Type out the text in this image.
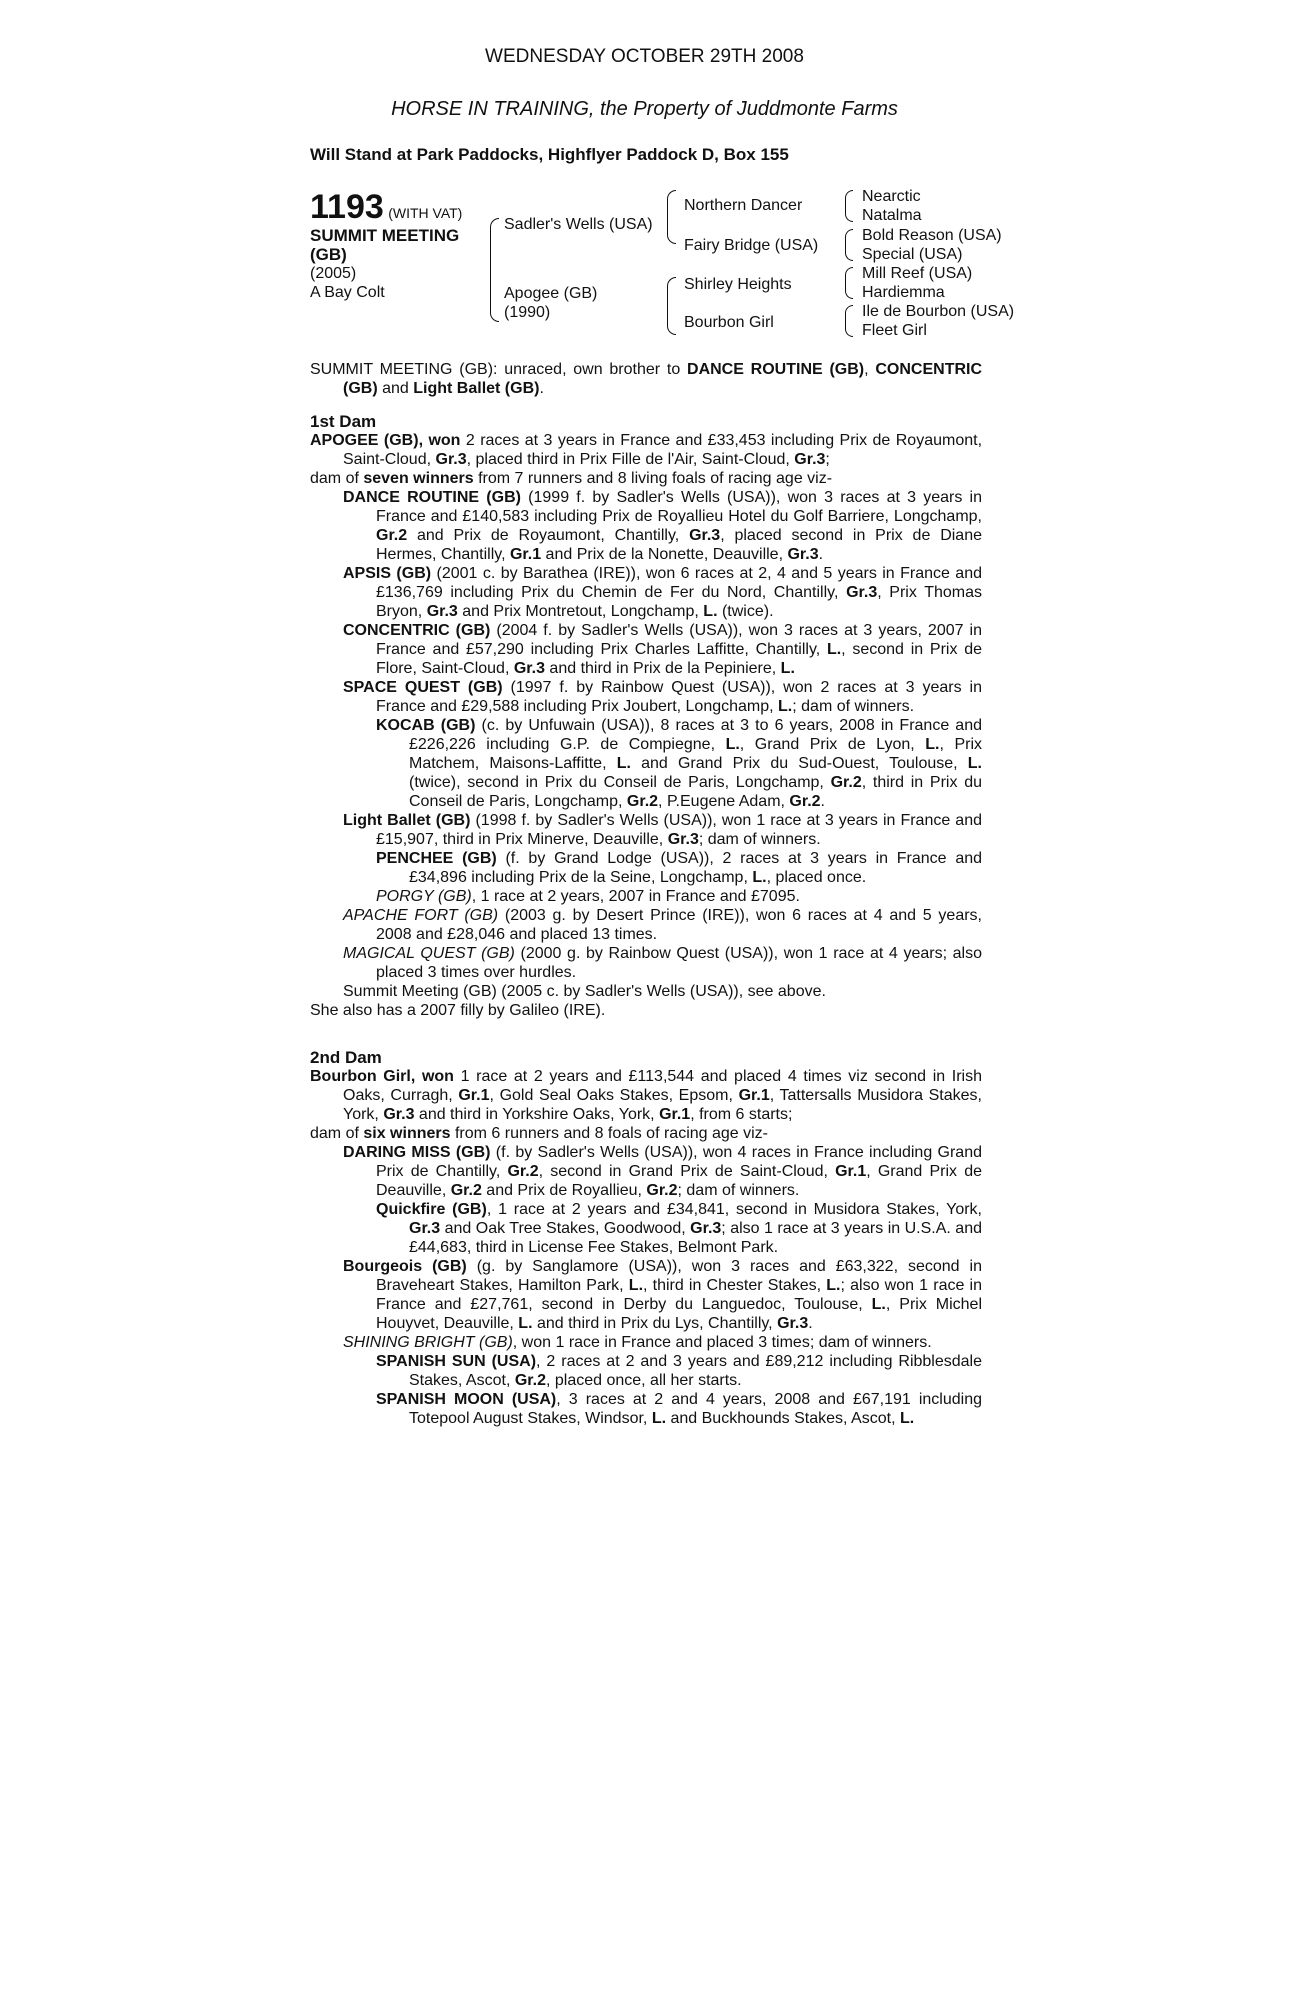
WEDNESDAY OCTOBER 29TH 2008
HORSE IN TRAINING, the Property of Juddmonte Farms
Will Stand at Park Paddocks, Highflyer Paddock D, Box 155
1193 (WITH VAT)
SUMMIT MEETING
(GB)
(2005)
A Bay Colt
Sadler's Wells (USA)
Apogee (GB)
(1990)
Northern Dancer
Fairy Bridge (USA)
Shirley Heights
Bourbon Girl
Nearctic
Natalma
Bold Reason (USA)
Special (USA)
Mill Reef (USA)
Hardiemma
Ile de Bourbon (USA)
Fleet Girl
SUMMIT MEETING (GB): unraced, own brother to DANCE ROUTINE (GB), CONCENTRIC (GB) and Light Ballet (GB).
1st Dam
APOGEE (GB), won 2 races at 3 years in France and £33,453 including Prix de Royaumont, Saint-Cloud, Gr.3, placed third in Prix Fille de l'Air, Saint-Cloud, Gr.3;
dam of seven winners from 7 runners and 8 living foals of racing age viz-
DANCE ROUTINE (GB) (1999 f. by Sadler's Wells (USA)), won 3 races at 3 years in France and £140,583 including Prix de Royallieu Hotel du Golf Barriere, Longchamp, Gr.2 and Prix de Royaumont, Chantilly, Gr.3, placed second in Prix de Diane Hermes, Chantilly, Gr.1 and Prix de la Nonette, Deauville, Gr.3.
APSIS (GB) (2001 c. by Barathea (IRE)), won 6 races at 2, 4 and 5 years in France and £136,769 including Prix du Chemin de Fer du Nord, Chantilly, Gr.3, Prix Thomas Bryon, Gr.3 and Prix Montretout, Longchamp, L. (twice).
CONCENTRIC (GB) (2004 f. by Sadler's Wells (USA)), won 3 races at 3 years, 2007 in France and £57,290 including Prix Charles Laffitte, Chantilly, L., second in Prix de Flore, Saint-Cloud, Gr.3 and third in Prix de la Pepiniere, L.
SPACE QUEST (GB) (1997 f. by Rainbow Quest (USA)), won 2 races at 3 years in France and £29,588 including Prix Joubert, Longchamp, L.; dam of winners.
KOCAB (GB) (c. by Unfuwain (USA)), 8 races at 3 to 6 years, 2008 in France and £226,226 including G.P. de Compiegne, L., Grand Prix de Lyon, L., Prix Matchem, Maisons-Laffitte, L. and Grand Prix du Sud-Ouest, Toulouse, L. (twice), second in Prix du Conseil de Paris, Longchamp, Gr.2, third in Prix du Conseil de Paris, Longchamp, Gr.2, P.Eugene Adam, Gr.2.
Light Ballet (GB) (1998 f. by Sadler's Wells (USA)), won 1 race at 3 years in France and £15,907, third in Prix Minerve, Deauville, Gr.3; dam of winners.
PENCHEE (GB) (f. by Grand Lodge (USA)), 2 races at 3 years in France and £34,896 including Prix de la Seine, Longchamp, L., placed once.
PORGY (GB), 1 race at 2 years, 2007 in France and £7095.
APACHE FORT (GB) (2003 g. by Desert Prince (IRE)), won 6 races at 4 and 5 years, 2008 and £28,046 and placed 13 times.
MAGICAL QUEST (GB) (2000 g. by Rainbow Quest (USA)), won 1 race at 4 years; also placed 3 times over hurdles.
Summit Meeting (GB) (2005 c. by Sadler's Wells (USA)), see above.
She also has a 2007 filly by Galileo (IRE).
2nd Dam
Bourbon Girl, won 1 race at 2 years and £113,544 and placed 4 times viz second in Irish Oaks, Curragh, Gr.1, Gold Seal Oaks Stakes, Epsom, Gr.1, Tattersalls Musidora Stakes, York, Gr.3 and third in Yorkshire Oaks, York, Gr.1, from 6 starts;
dam of six winners from 6 runners and 8 foals of racing age viz-
DARING MISS (GB) (f. by Sadler's Wells (USA)), won 4 races in France including Grand Prix de Chantilly, Gr.2, second in Grand Prix de Saint-Cloud, Gr.1, Grand Prix de Deauville, Gr.2 and Prix de Royallieu, Gr.2; dam of winners.
Quickfire (GB), 1 race at 2 years and £34,841, second in Musidora Stakes, York, Gr.3 and Oak Tree Stakes, Goodwood, Gr.3; also 1 race at 3 years in U.S.A. and £44,683, third in License Fee Stakes, Belmont Park.
Bourgeois (GB) (g. by Sanglamore (USA)), won 3 races and £63,322, second in Braveheart Stakes, Hamilton Park, L., third in Chester Stakes, L.; also won 1 race in France and £27,761, second in Derby du Languedoc, Toulouse, L., Prix Michel Houyvet, Deauville, L. and third in Prix du Lys, Chantilly, Gr.3.
SHINING BRIGHT (GB), won 1 race in France and placed 3 times; dam of winners.
SPANISH SUN (USA), 2 races at 2 and 3 years and £89,212 including Ribblesdale Stakes, Ascot, Gr.2, placed once, all her starts.
SPANISH MOON (USA), 3 races at 2 and 4 years, 2008 and £67,191 including Totepool August Stakes, Windsor, L. and Buckhounds Stakes, Ascot, L.
